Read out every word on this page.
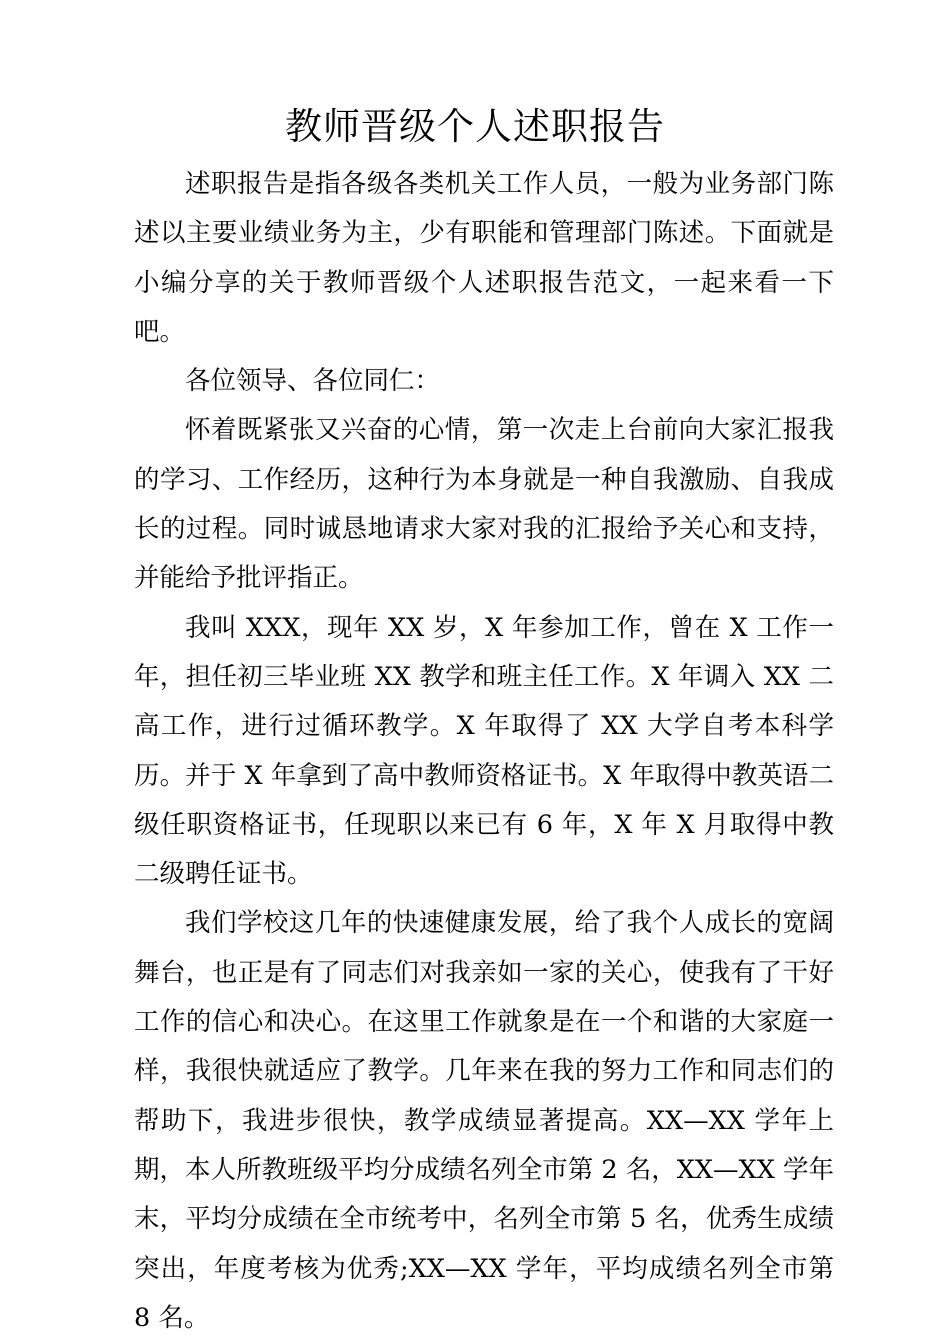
教师晋级个人述职报告

述职报告是指各级各类机关工作人员，一般为业务部门陈述以主要业绩业务为主，少有职能和管理部门陈述。下面就是小编分享的关于教师晋级个人述职报告范文，一起来看一下吧。

各位领导、各位同仁：

怀着既紧张又兴奋的心情，第一次走上台前向大家汇报我的学习、工作经历，这种行为本身就是一种自我激励、自我成长的过程。同时诚恳地请求大家对我的汇报给予关心和支持，并能给予批评指正。

我叫 XXX，现年 XX 岁，X 年参加工作，曾在 X 工作一年，担任初三毕业班 XX 教学和班主任工作。X 年调入 XX 二高工作，进行过循环教学。X 年取得了 XX 大学自考本科学历。并于 X 年拿到了高中教师资格证书。X 年取得中教英语二级任职资格证书，任现职以来已有 6 年，X 年 X 月取得中教二级聘任证书。

我们学校这几年的快速健康发展，给了我个人成长的宽阔舞台，也正是有了同志们对我亲如一家的关心，使我有了干好工作的信心和决心。在这里工作就象是在一个和谐的大家庭一样，我很快就适应了教学。几年来在我的努力工作和同志们的帮助下，我进步很快，教学成绩显著提高。XX—XX 学年上期，本人所教班级平均分成绩名列全市第 2 名，XX—XX 学年末，平均分成绩在全市统考中，名列全市第 5 名，优秀生成绩突出，年度考核为优秀;XX—XX 学年，平均成绩名列全市第 8 名。
